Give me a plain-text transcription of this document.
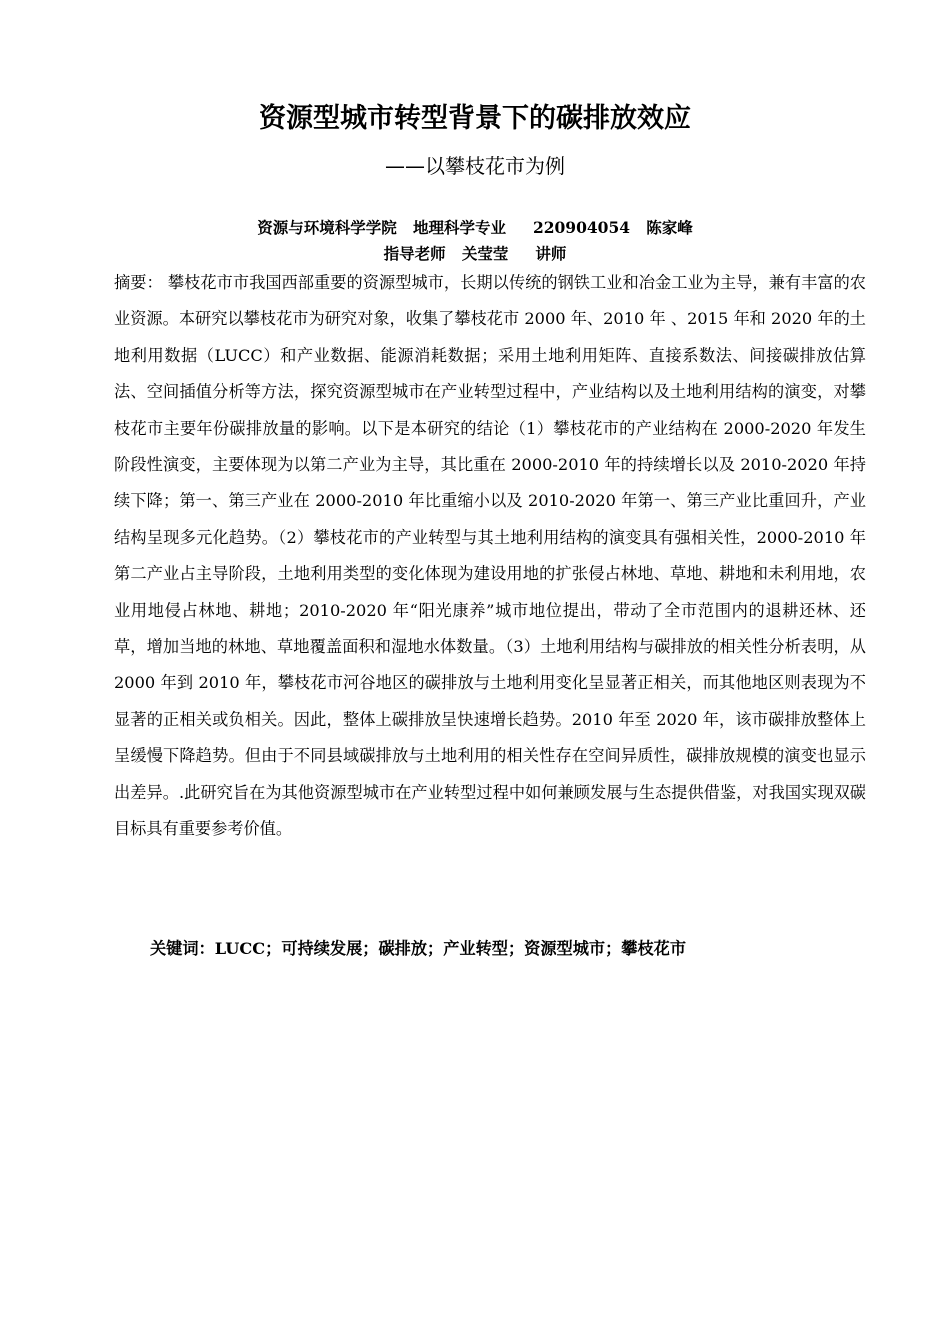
资源型城市转型背景下的碳排放效应
——以攀枝花市为例
资源与环境科学学院   地理科学专业     220904054   陈家峰
指导老师   关莹莹     讲师

摘要： 攀枝花市市我国西部重要的资源型城市，长期以传统的钢铁工业和冶金工业为主导，兼有丰富的农业资源。本研究以攀枝花市为研究对象，收集了攀枝花市 2000 年、2010 年 、2015 年和 2020 年的土地利用数据（LUCC）和产业数据、能源消耗数据；采用土地利用矩阵、直接系数法、间接碳排放估算法、空间插值分析等方法，探究资源型城市在产业转型过程中，产业结构以及土地利用结构的演变，对攀枝花市主要年份碳排放量的影响。以下是本研究的结论（1）攀枝花市的产业结构在 2000-2020 年发生阶段性演变，主要体现为以第二产业为主导，其比重在 2000-2010 年的持续增长以及 2010-2020 年持续下降；第一、第三产业在 2000-2010 年比重缩小以及 2010-2020 年第一、第三产业比重回升，产业结构呈现多元化趋势。（2）攀枝花市的产业转型与其土地利用结构的演变具有强相关性，2000-2010 年第二产业占主导阶段，土地利用类型的变化体现为建设用地的扩张侵占林地、草地、耕地和未利用地，农业用地侵占林地、耕地；2010-2020 年“阳光康养”城市地位提出，带动了全市范围内的退耕还林、还草，增加当地的林地、草地覆盖面积和湿地水体数量。（3）土地利用结构与碳排放的相关性分析表明，从 2000 年到 2010 年，攀枝花市河谷地区的碳排放与土地利用变化呈显著正相关，而其他地区则表现为不显著的正相关或负相关。因此，整体上碳排放呈快速增长趋势。2010 年至 2020 年，该市碳排放整体上呈缓慢下降趋势。但由于不同县域碳排放与土地利用的相关性存在空间异质性，碳排放规模的演变也显示出差异。.此研究旨在为其他资源型城市在产业转型过程中如何兼顾发展与生态提供借鉴，对我国实现双碳目标具有重要参考价值。

关键词：LUCC；可持续发展；碳排放；产业转型；资源型城市；攀枝花市
